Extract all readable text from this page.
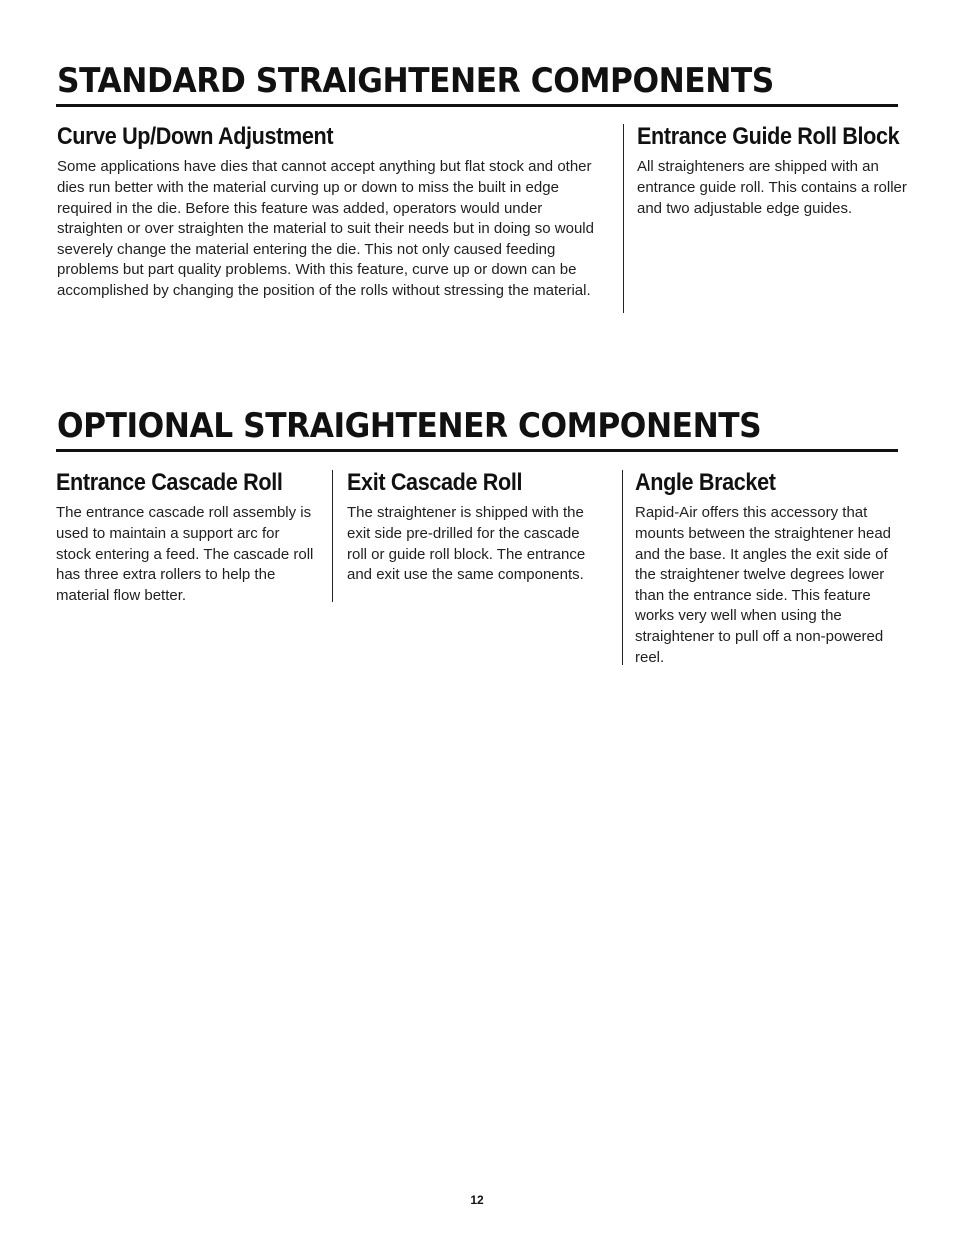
STANDARD STRAIGHTENER COMPONENTS
Curve Up/Down Adjustment

Some applications have dies that cannot accept anything but flat stock and other dies run better with the material curving up or down to miss the built in edge required in the die. Before this feature was added, operators would under straighten or over straighten the material to suit their needs but in doing so would severely change the material entering the die. This not only caused feeding problems but part quality problems. With this feature, curve up or down can be accomplished by changing the position of the rolls without stressing the material.

Entrance Guide Roll Block

All straighteners are shipped with an entrance guide roll. This contains a roller and two adjustable edge guides.

OPTIONAL STRAIGHTENER COMPONENTS
Entrance Cascade Roll

The entrance cascade roll assembly is used to maintain a support arc for stock entering a feed. The cascade roll has three extra rollers to help the material flow better.

Exit Cascade Roll

The straightener is shipped with the exit side pre-drilled for the cascade roll or guide roll block. The entrance and exit use the same components.

Angle Bracket

Rapid-Air offers this accessory that mounts between the straightener head and the base. It angles the exit side of the straightener twelve degrees lower than the entrance side. This feature works very well when using the straightener to pull off a non-powered reel.

12
